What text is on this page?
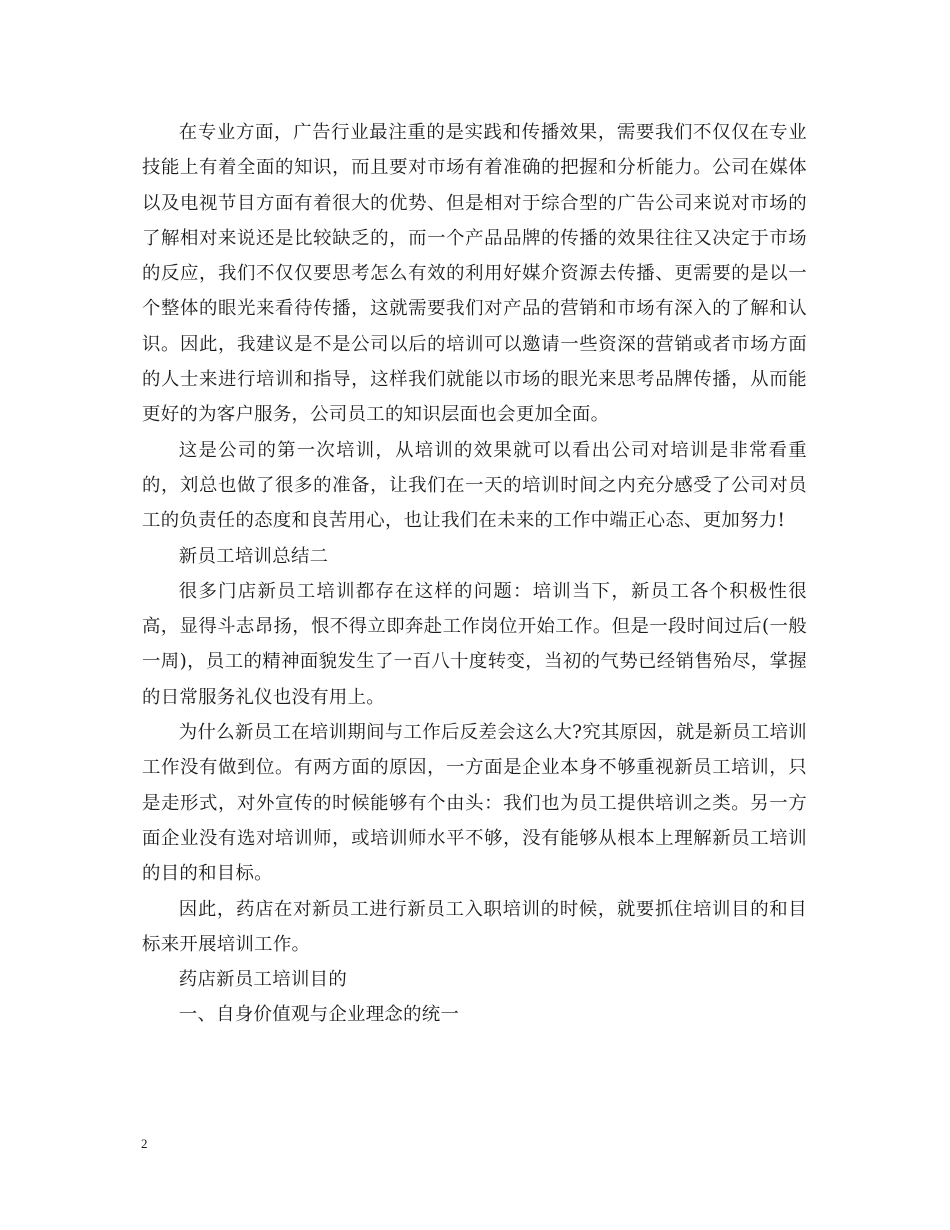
在专业方面，广告行业最注重的是实践和传播效果，需要我们不仅仅在专业技能上有着全面的知识，而且要对市场有着准确的把握和分析能力。公司在媒体以及电视节目方面有着很大的优势、但是相对于综合型的广告公司来说对市场的了解相对来说还是比较缺乏的，而一个产品品牌的传播的效果往往又决定于市场的反应，我们不仅仅要思考怎么有效的利用好媒介资源去传播、更需要的是以一个整体的眼光来看待传播，这就需要我们对产品的营销和市场有深入的了解和认识。因此，我建议是不是公司以后的培训可以邀请一些资深的营销或者市场方面的人士来进行培训和指导，这样我们就能以市场的眼光来思考品牌传播，从而能更好的为客户服务，公司员工的知识层面也会更加全面。

这是公司的第一次培训，从培训的效果就可以看出公司对培训是非常看重的，刘总也做了很多的准备，让我们在一天的培训时间之内充分感受了公司对员工的负责任的态度和良苦用心，也让我们在未来的工作中端正心态、更加努力!

新员工培训总结二

很多门店新员工培训都存在这样的问题：培训当下，新员工各个积极性很高，显得斗志昂扬，恨不得立即奔赴工作岗位开始工作。但是一段时间过后(一般一周)，员工的精神面貌发生了一百八十度转变，当初的气势已经销售殆尽，掌握的日常服务礼仪也没有用上。

为什么新员工在培训期间与工作后反差会这么大?究其原因，就是新员工培训工作没有做到位。有两方面的原因，一方面是企业本身不够重视新员工培训，只是走形式，对外宣传的时候能够有个由头：我们也为员工提供培训之类。另一方面企业没有选对培训师，或培训师水平不够，没有能够从根本上理解新员工培训的目的和目标。

因此，药店在对新员工进行新员工入职培训的时候，就要抓住培训目的和目标来开展培训工作。

药店新员工培训目的

一、自身价值观与企业理念的统一

2
